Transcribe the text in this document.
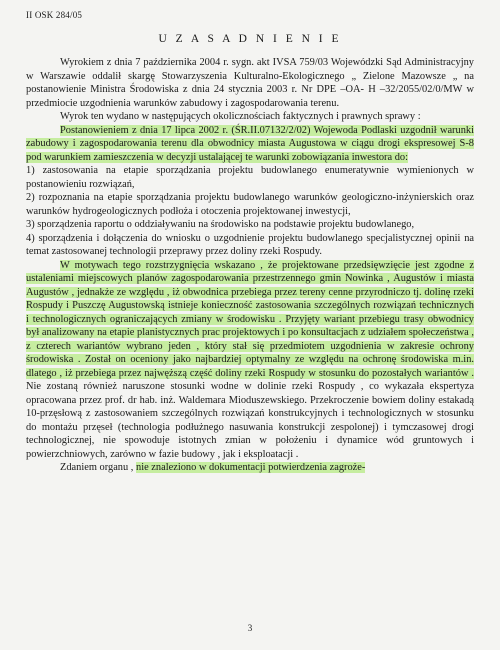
II OSK 284/05
U Z A S A D N I E N I E

Wyrokiem z dnia 7 października 2004 r. sygn. akt IVSA 759/03 Wojewódzki Sąd Administracyjny w Warszawie oddalił skargę Stowarzyszenia Kulturalno-Ekologicznego „ Zielone Mazowsze „ na postanowienie Ministra Środowiska z dnia 24 stycznia 2003 r. Nr DPE –OA- H –32/2055/02/0/MW w przedmiocie uzgodnienia warunków zabudowy i zagospodarowania terenu.

Wyrok ten wydano w następujących okolicznościach faktycznych i prawnych sprawy :

Postanowieniem z dnia 17 lipca 2002 r. (ŚR.II.07132/2/02) Wojewoda Podlaski uzgodnił warunki zabudowy i zagospodarowania terenu dla obwodnicy miasta Augustowa w ciągu drogi ekspresowej S-8 pod warunkiem zamieszczenia w decyzji ustalającej te warunki zobowiązania inwestora do:

1) zastosowania na etapie sporządzania projektu budowlanego enumeratywnie wymienionych w postanowieniu rozwiązań,

2) rozpoznania na etapie sporządzania projektu budowlanego warunków geologiczno-inżynierskich oraz warunków hydrogeologicznych podłoża i otoczenia projektowanej inwestycji,

3) sporządzenia raportu o oddziaływaniu na środowisko na podstawie projektu budowlanego,

4) sporządzenia i dołączenia do wniosku o uzgodnienie projektu budowlanego specjalistycznej opinii na temat zastosowanej technologii przeprawy przez doliny rzeki Rospudy.

W motywach tego rozstrzygnięcia wskazano , że projektowane przedsięwzięcie jest zgodne z ustaleniami miejscowych planów zagospodarowania przestrzennego gmin Nowinka , Augustów i miasta Augustów , jednakże ze względu , iż obwodnica przebiega przez tereny cenne przyrodniczo tj. dolinę rzeki Rospudy i Puszczę Augustowską istnieje konieczność zastosowania szczególnych rozwiązań technicznych i technologicznych ograniczających zmiany w środowisku . Przyjęty wariant przebiegu trasy obwodnicy był analizowany na etapie planistycznych prac projektowych i po konsultacjach z udziałem społeczeństwa , z czterech wariantów wybrano jeden , który stał się przedmiotem uzgodnienia w zakresie ochrony środowiska . Został on oceniony jako najbardziej optymalny ze względu na ochronę środowiska m.in. dlatego , iż przebiega przez najwęższą część doliny rzeki Rospudy w stosunku do pozostałych wariantów . Nie zostaną również naruszone stosunki wodne w dolinie rzeki Rospudy , co wykazała ekspertyza opracowana przez prof. dr hab. inż. Waldemara Mioduszewskiego. Przekroczenie bowiem doliny estakadą 10-przęsłową z zastosowaniem szczególnych rozwiązań konstrukcyjnych i technologicznych w stosunku do montażu przęseł (technologia podłużnego nasuwania konstrukcji zespolonej) i tymczasowej drogi technologicznej, nie spowoduje istotnych zmian w położeniu i dynamice wód gruntowych i powierzchniowych, zarówno w fazie budowy , jak i eksploatacji .

Zdaniem organu , nie znaleziono w dokumentacji potwierdzenia zagroże-

3
